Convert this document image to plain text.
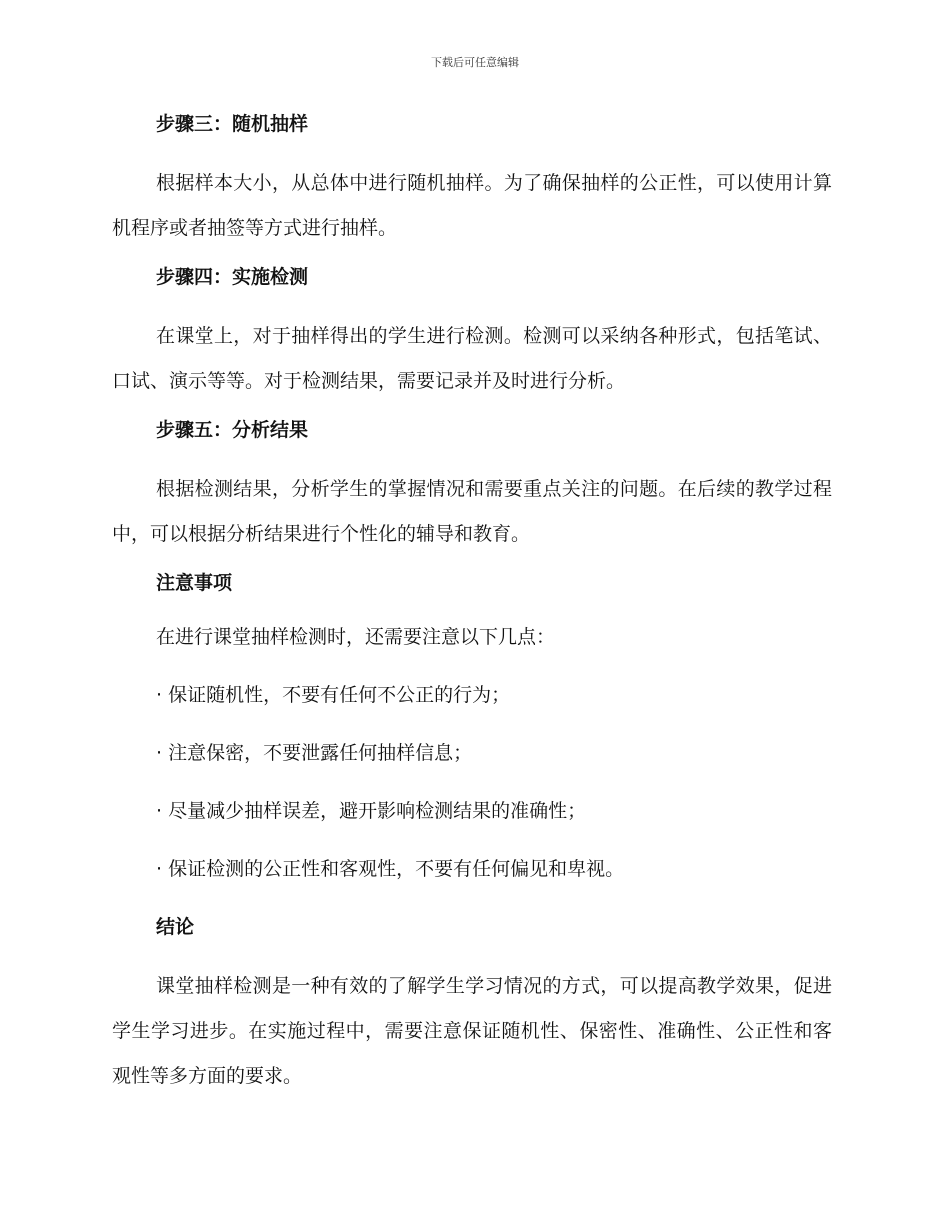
下载后可任意编辑
步骤三：随机抽样

根据样本大小，从总体中进行随机抽样。为了确保抽样的公正性，可以使用计算机程序或者抽签等方式进行抽样。

步骤四：实施检测

在课堂上，对于抽样得出的学生进行检测。检测可以采纳各种形式，包括笔试、口试、演示等等。对于检测结果，需要记录并及时进行分析。

步骤五：分析结果

根据检测结果，分析学生的掌握情况和需要重点关注的问题。在后续的教学过程中，可以根据分析结果进行个性化的辅导和教育。

注意事项
在进行课堂抽样检测时，还需要注意以下几点：
· 保证随机性，不要有任何不公正的行为；
· 注意保密，不要泄露任何抽样信息；
· 尽量减少抽样误差，避开影响检测结果的准确性；
· 保证检测的公正性和客观性，不要有任何偏见和卑视。
结论

课堂抽样检测是一种有效的了解学生学习情况的方式，可以提高教学效果，促进学生学习进步。在实施过程中，需要注意保证随机性、保密性、准确性、公正性和客观性等多方面的要求。
